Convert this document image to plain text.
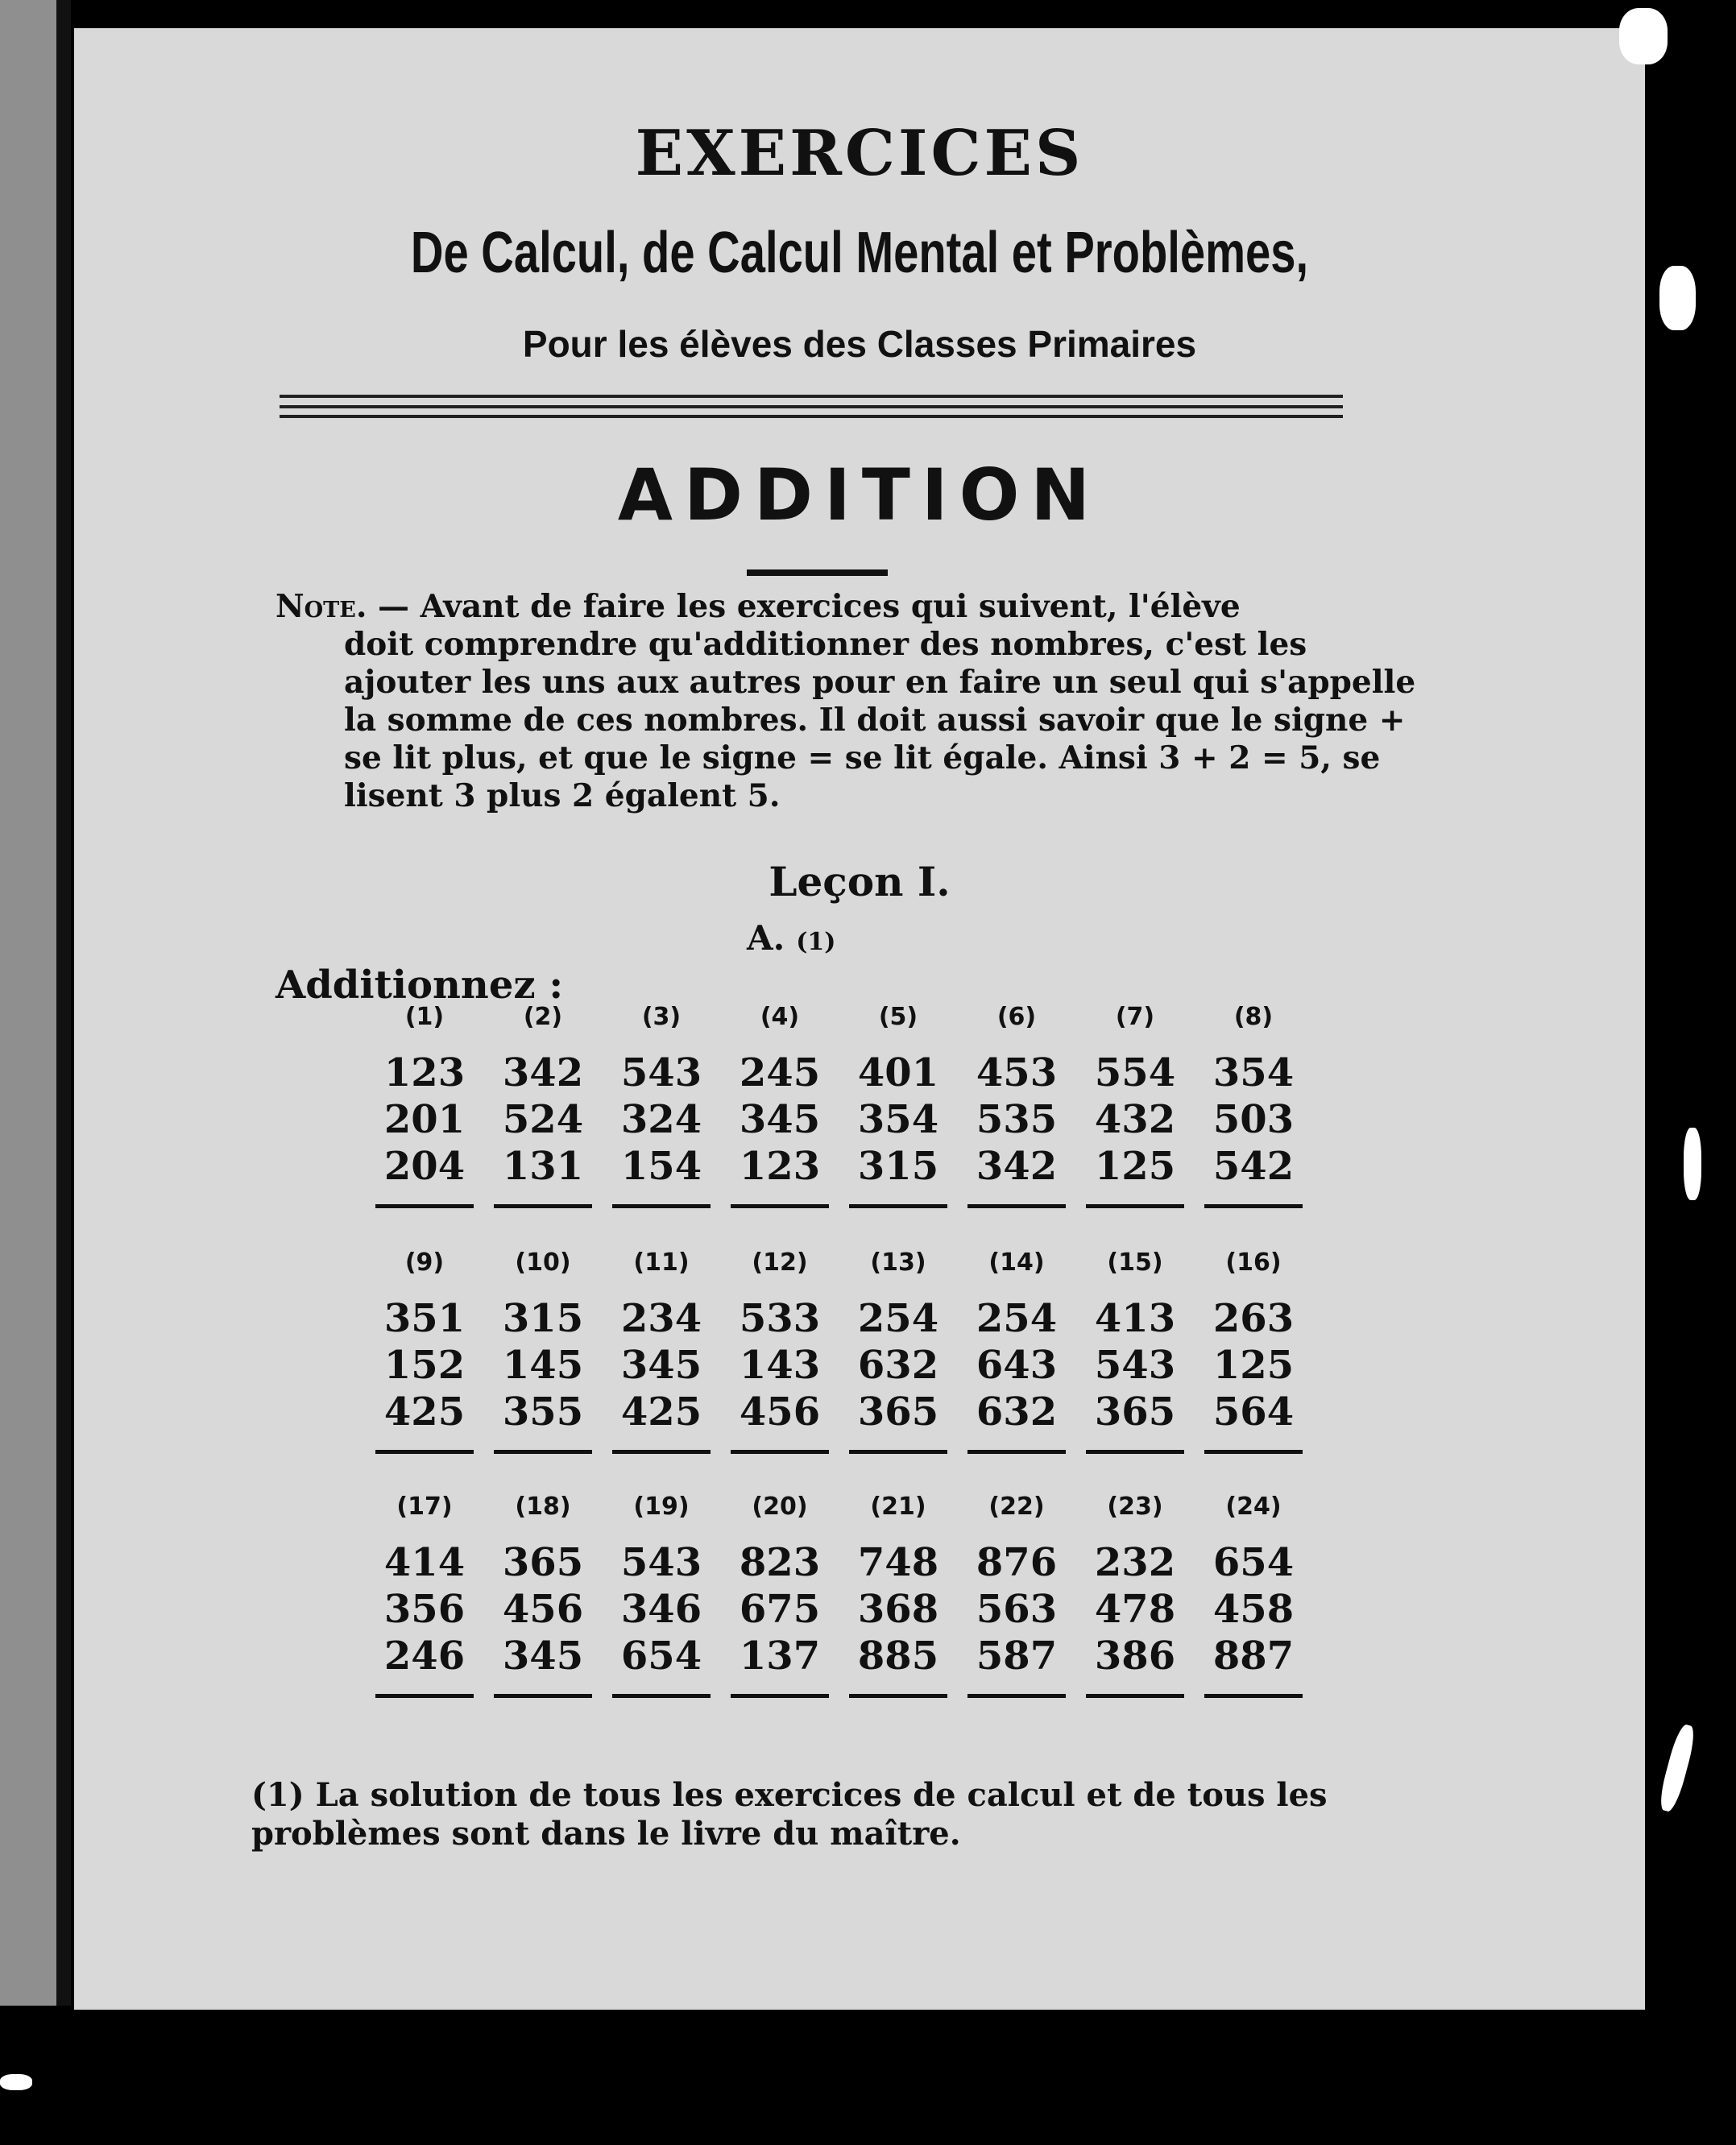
EXERCICES
De Calcul, de Calcul Mental et Problèmes,
Pour les élèves des Classes Primaires
ADDITION
Note. — Avant de faire les exercices qui suivent, l'élève
doit comprendre qu'additionner des nombres, c'est les ajouter les uns aux autres pour en faire un seul qui s'appelle la somme de ces nombres. Il doit aussi savoir que le signe + se lit plus, et que le signe = se lit égale. Ainsi 3 + 2 = 5, se lisent 3 plus 2 égalent 5.
Leçon I.
A. (1)
Additionnez :
(1)
123
201
204
(2)
342
524
131
(3)
543
324
154
(4)
245
345
123
(5)
401
354
315
(6)
453
535
342
(7)
554
432
125
(8)
354
503
542
(9)
351
152
425
(10)
315
145
355
(11)
234
345
425
(12)
533
143
456
(13)
254
632
365
(14)
254
643
632
(15)
413
543
365
(16)
263
125
564
(17)
414
356
246
(18)
365
456
345
(19)
543
346
654
(20)
823
675
137
(21)
748
368
885
(22)
876
563
587
(23)
232
478
386
(24)
654
458
887
(1) La solution de tous les exercices de calcul et de tous les problèmes sont dans le livre du maître.
